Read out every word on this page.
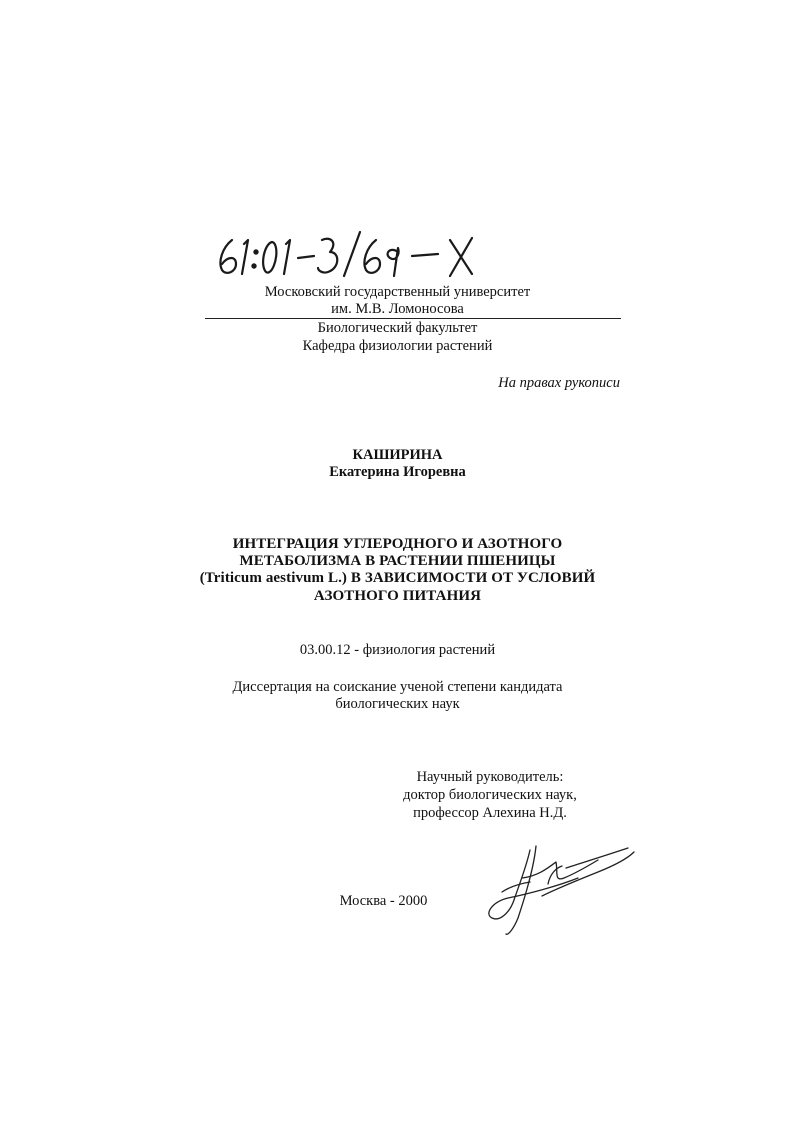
Московский государственный университет
им. М.В. Ломоносова
Биологический факультет
Кафедра физиологии растений
На правах рукописи
КАШИРИНА
Екатерина Игоревна
ИНТЕГРАЦИЯ УГЛЕРОДНОГО И АЗОТНОГО
МЕТАБОЛИЗМА В РАСТЕНИИ ПШЕНИЦЫ
(Triticum aestivum L.) В ЗАВИСИМОСТИ ОТ УСЛОВИЙ
АЗОТНОГО ПИТАНИЯ
03.00.12 - физиология растений
Диссертация на соискание ученой степени кандидата
биологических наук
Научный руководитель:
доктор биологических наук,
профессор Алехина Н.Д.
Москва - 2000
